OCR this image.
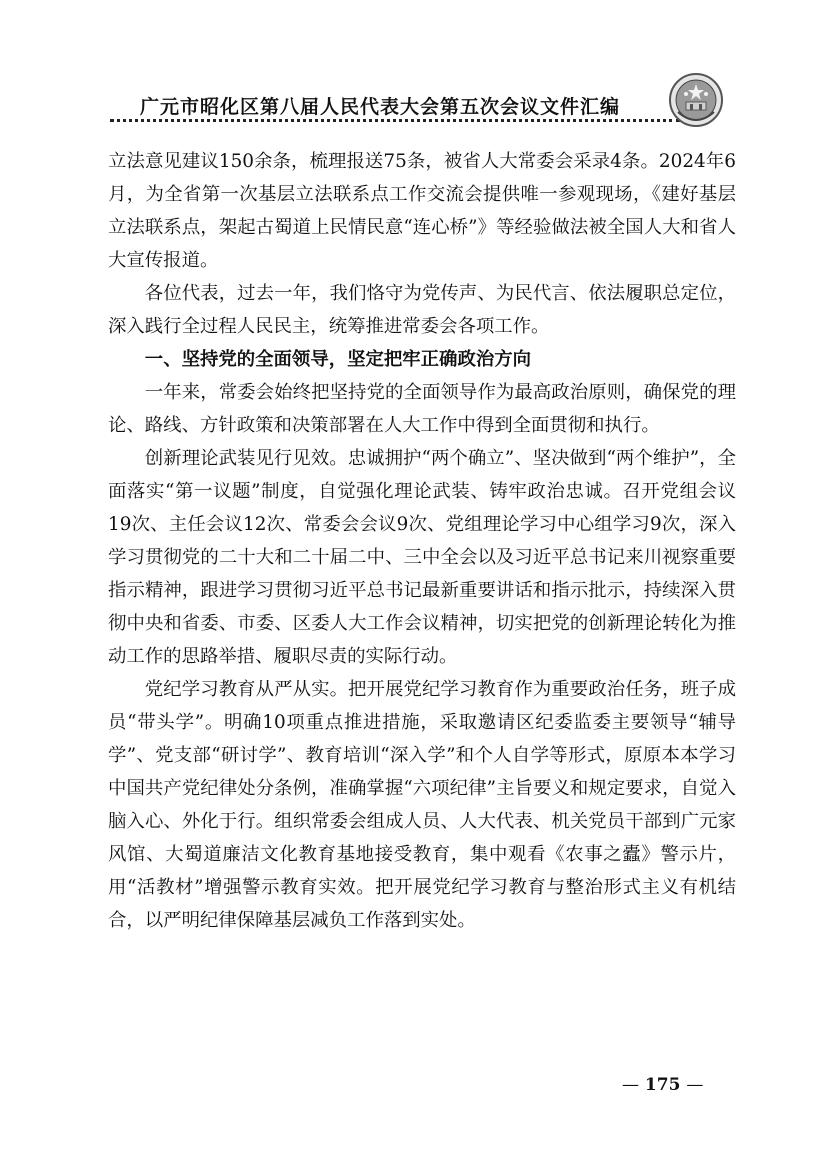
广元市昭化区第八届人民代表大会第五次会议文件汇编

立法意见建议150余条，梳理报送75条，被省人大常委会采录4条。2024年6月，为全省第一次基层立法联系点工作交流会提供唯一参观现场，《建好基层立法联系点，架起古蜀道上民情民意“连心桥”》等经验做法被全国人大和省人大宣传报道。

各位代表，过去一年，我们恪守为党传声、为民代言、依法履职总定位，深入践行全过程人民民主，统筹推进常委会各项工作。

一、坚持党的全面领导，坚定把牢正确政治方向

一年来，常委会始终把坚持党的全面领导作为最高政治原则，确保党的理论、路线、方针政策和决策部署在人大工作中得到全面贯彻和执行。

创新理论武装见行见效。忠诚拥护“两个确立”、坚决做到“两个维护”，全面落实“第一议题”制度，自觉强化理论武装、铸牢政治忠诚。召开党组会议19次、主任会议12次、常委会会议9次、党组理论学习中心组学习9次，深入学习贯彻党的二十大和二十届二中、三中全会以及习近平总书记来川视察重要指示精神，跟进学习贯彻习近平总书记最新重要讲话和指示批示，持续深入贯彻中央和省委、市委、区委人大工作会议精神，切实把党的创新理论转化为推动工作的思路举措、履职尽责的实际行动。

党纪学习教育从严从实。把开展党纪学习教育作为重要政治任务，班子成员“带头学”。明确10项重点推进措施，采取邀请区纪委监委主要领导“辅导学”、党支部“研讨学”、教育培训“深入学”和个人自学等形式，原原本本学习中国共产党纪律处分条例，准确掌握“六项纪律”主旨要义和规定要求，自觉入脑入心、外化于行。组织常委会组成人员、人大代表、机关党员干部到广元家风馆、大蜀道廉洁文化教育基地接受教育，集中观看《农事之蠹》警示片，用“活教材”增强警示教育实效。把开展党纪学习教育与整治形式主义有机结合，以严明纪律保障基层减负工作落到实处。

— 175 —
